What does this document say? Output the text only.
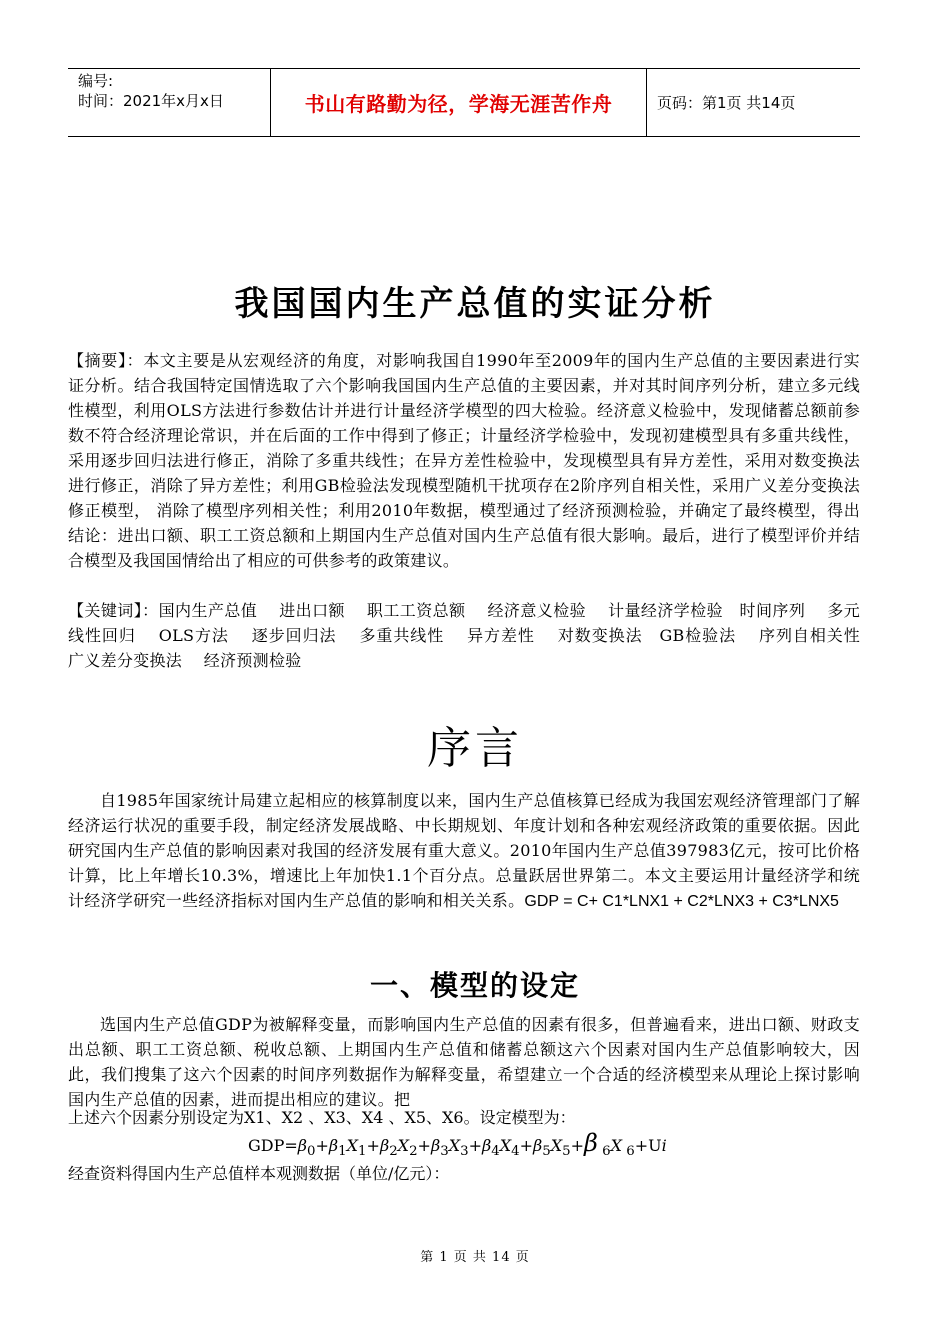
编号:
时间：2021年x月x日	书山有路勤为径，学海无涯苦作舟	页码：第1页 共14页
我国国内生产总值的实证分析

【摘要】：本文主要是从宏观经济的角度，对影响我国自1990年至2009年的国内生产总值的主要因素进行实证分析。结合我国特定国情选取了六个影响我国国内生产总值的主要因素，并对其时间序列分析，建立多元线性模型，利用OLS方法进行参数估计并进行计量经济学模型的四大检验。经济意义检验中，发现储蓄总额前参数不符合经济理论常识，并在后面的工作中得到了修正；计量经济学检验中，发现初建模型具有多重共线性，采用逐步回归法进行修正，消除了多重共线性；在异方差性检验中，发现模型具有异方差性，采用对数变换法进行修正，消除了异方差性；利用GB检验法发现模型随机干扰项存在2阶序列自相关性，采用广义差分变换法修正模型， 消除了模型序列相关性；利用2010年数据，模型通过了经济预测检验，并确定了最终模型，得出结论：进出口额、职工工资总额和上期国内生产总值对国内生产总值有很大影响。最后，进行了模型评价并结合模型及我国国情给出了相应的可供参考的政策建议。

【关键词】：国内生产总值　 进出口额　 职工工资总额　 经济意义检验　 计量经济学检验　时间序列　 多元线性回归　 OLS方法　 逐步回归法　 多重共线性　 异方差性　 对数变换法　GB检验法　 序列自相关性　 广义差分变换法　 经济预测检验

序言

自1985年国家统计局建立起相应的核算制度以来，国内生产总值核算已经成为我国宏观经济管理部门了解经济运行状况的重要手段，制定经济发展战略、中长期规划、年度计划和各种宏观经济政策的重要依据。因此研究国内生产总值的影响因素对我国的经济发展有重大意义。2010年国内生产总值397983亿元，按可比价格计算，比上年增长10.3%，增速比上年加快1.1个百分点。总量跃居世界第二。本文主要运用计量经济学和统计经济学研究一些经济指标对国内生产总值的影响和相关关系。GDP = C+ C1*LNX1 + C2*LNX3 + C3*LNX5

一、模型的设定

选国内生产总值GDP为被解释变量，而影响国内生产总值的因素有很多，但普遍看来，进出口额、财政支出总额、职工工资总额、税收总额、上期国内生产总值和储蓄总额这六个因素对国内生产总值影响较大，因此，我们搜集了这六个因素的时间序列数据作为解释变量，希望建立一个合适的经济模型来从理论上探讨影响国内生产总值的因素，进而提出相应的建议。把

上述六个因素分别设定为X1、X2 、X3、X4 、X5、X6。设定模型为：
$GDP=\beta_0+\beta_1X_1+\beta_2X_2+\beta_3X_3+\beta_4X_4+\beta_5X_5+\beta$ $_6$X $_6$+Ui
经查资料得国内生产总值样本观测数据（单位/亿元）：
第 1 页 共 14 页
